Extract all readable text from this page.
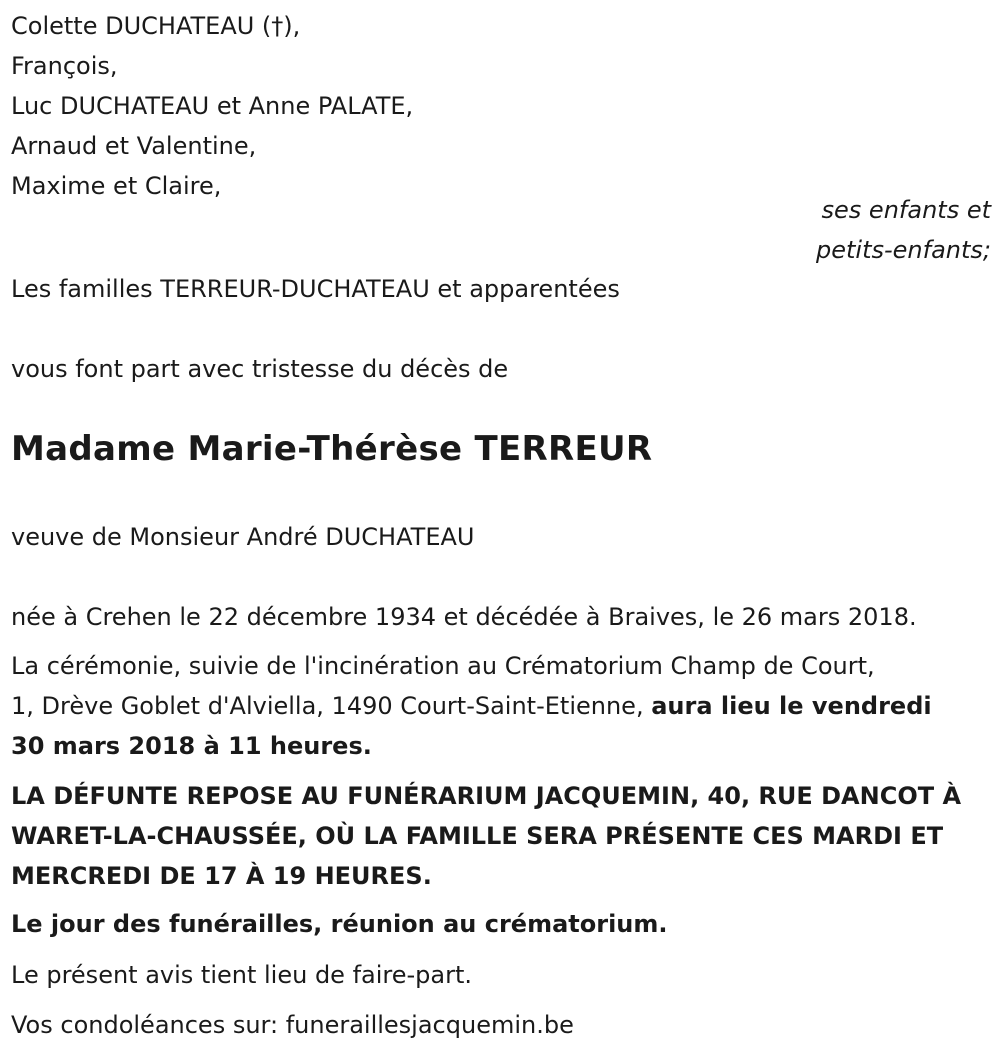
Colette DUCHATEAU (†),
François,
Luc DUCHATEAU et Anne PALATE,
Arnaud et Valentine,
Maxime et Claire,
ses enfants et
petits-enfants;
Les familles TERREUR-DUCHATEAU et apparentées
vous font part avec tristesse du décès de
Madame Marie-Thérèse TERREUR
veuve de Monsieur André DUCHATEAU
née à Crehen le 22 décembre 1934 et décédée à Braives, le 26 mars 2018.
La cérémonie, suivie de l'incinération au Crématorium Champ de Court,
1, Drève Goblet d'Alviella, 1490 Court-Saint-Etienne, aura lieu le vendredi
30 mars 2018 à 11 heures.
LA DÉFUNTE REPOSE AU FUNÉRARIUM JACQUEMIN, 40, RUE DANCOT À
WARET-LA-CHAUSSÉE, OÙ LA FAMILLE SERA PRÉSENTE CES MARDI ET
MERCREDI DE 17 À 19 HEURES.
Le jour des funérailles, réunion au crématorium.
Le présent avis tient lieu de faire-part.
Vos condoléances sur: funeraillesjacquemin.be
